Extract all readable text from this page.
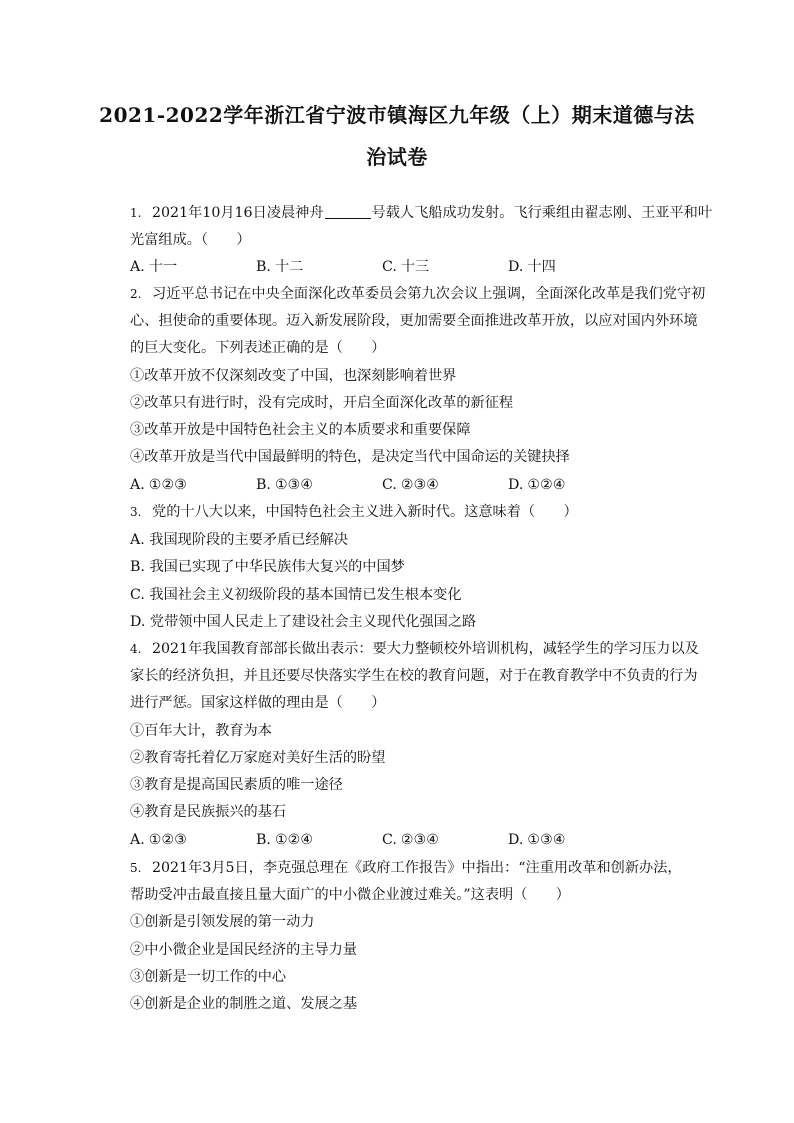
2021-2022学年浙江省宁波市镇海区九年级（上）期末道德与法
治试卷
1. 2021年10月16日凌晨神舟	号载人飞船成功发射。飞行乘组由翟志刚、王亚平和叶
光富组成。（　　）
A. 十一	B. 十二	C. 十三	D. 十四
2. 习近平总书记在中央全面深化改革委员会第九次会议上强调，全面深化改革是我们党守初
心、担使命的重要体现。迈入新发展阶段，更加需要全面推进改革开放，以应对国内外环境
的巨大变化。下列表述正确的是（　　）
①改革开放不仅深刻改变了中国，也深刻影响着世界
②改革只有进行时，没有完成时，开启全面深化改革的新征程
③改革开放是中国特色社会主义的本质要求和重要保障
④改革开放是当代中国最鲜明的特色，是决定当代中国命运的关键抉择
A. ①②③	B. ①③④	C. ②③④	D. ①②④
3. 党的十八大以来，中国特色社会主义进入新时代。这意味着（　　）
A. 我国现阶段的主要矛盾已经解决
B. 我国已实现了中华民族伟大复兴的中国梦
C. 我国社会主义初级阶段的基本国情已发生根本变化
D. 党带领中国人民走上了建设社会主义现代化强国之路
4. 2021年我国教育部部长做出表示：要大力整顿校外培训机构，减轻学生的学习压力以及
家长的经济负担，并且还要尽快落实学生在校的教育问题，对于在教育教学中不负责的行为
进行严惩。国家这样做的理由是（　　）
①百年大计，教育为本
②教育寄托着亿万家庭对美好生活的盼望
③教育是提高国民素质的唯一途径
④教育是民族振兴的基石
A. ①②③	B. ①②④	C. ②③④	D. ①③④
5. 2021年3月5日，李克强总理在《政府工作报告》中指出：“注重用改革和创新办法，
帮助受冲击最直接且量大面广的中小微企业渡过难关。”这表明（　　）
①创新是引领发展的第一动力
②中小微企业是国民经济的主导力量
③创新是一切工作的中心
④创新是企业的制胜之道、发展之基
